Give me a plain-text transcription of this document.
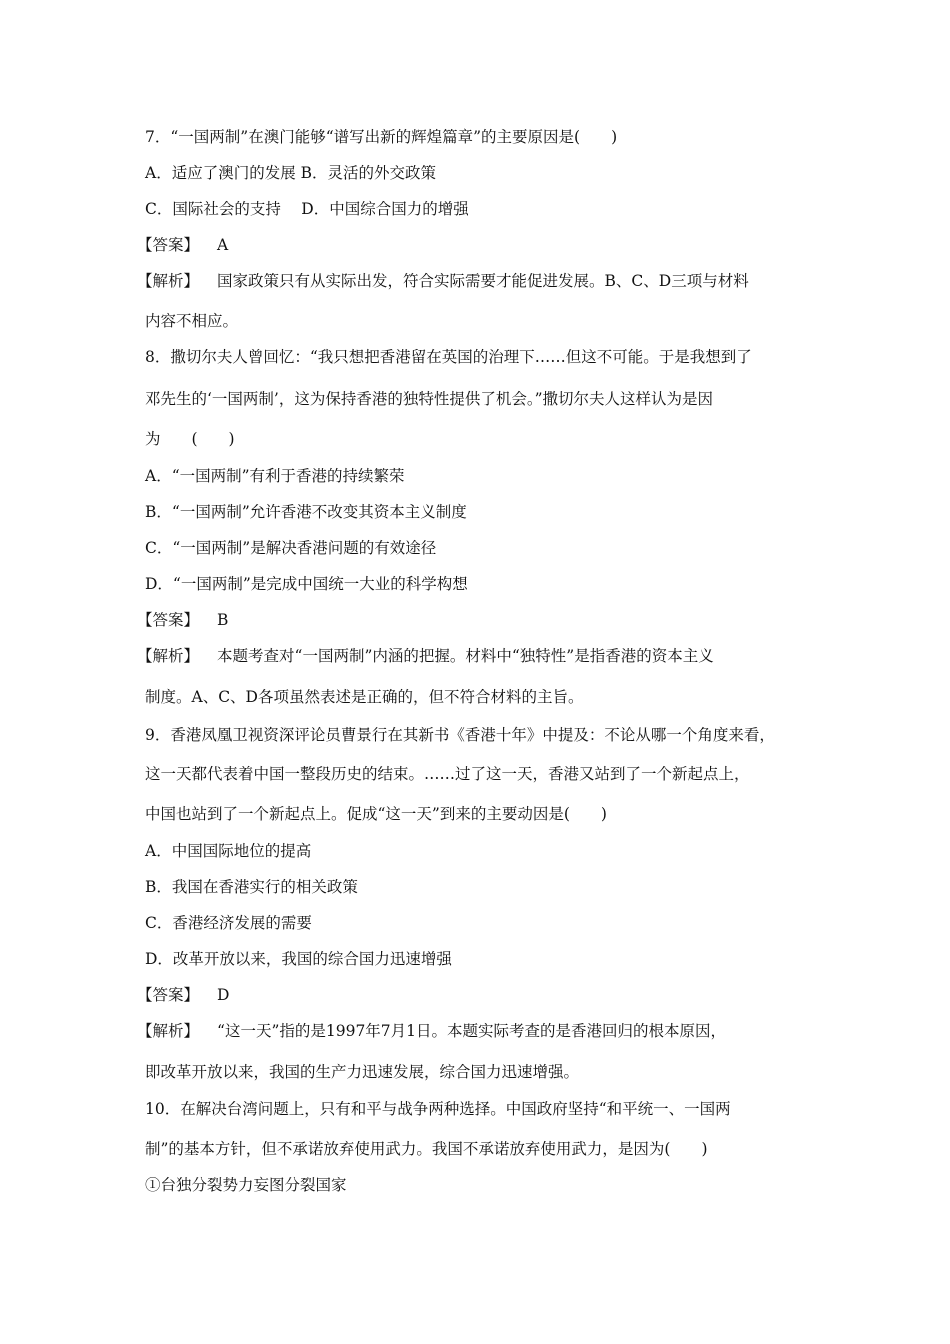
7．“一国两制”在澳门能够“谱写出新的辉煌篇章”的主要原因是(　　)
A．适应了澳门的发展 B．灵活的外交政策
C．国际社会的支持　 D．中国综合国力的增强
【答案】 A
【解析】 国家政策只有从实际出发，符合实际需要才能促进发展。B、C、D三项与材料
内容不相应。
8．撒切尔夫人曾回忆：“我只想把香港留在英国的治理下……但这不可能。于是我想到了
邓先生的‘一国两制’，这为保持香港的独特性提供了机会。”撒切尔夫人这样认为是因
为　　(　　)
A．“一国两制”有利于香港的持续繁荣
B．“一国两制”允许香港不改变其资本主义制度
C．“一国两制”是解决香港问题的有效途径
D．“一国两制”是完成中国统一大业的科学构想
【答案】 B
【解析】 本题考查对“一国两制”内涵的把握。材料中“独特性”是指香港的资本主义
制度。A、C、D各项虽然表述是正确的，但不符合材料的主旨。
9．香港凤凰卫视资深评论员曹景行在其新书《香港十年》中提及：不论从哪一个角度来看，
这一天都代表着中国一整段历史的结束。……过了这一天，香港又站到了一个新起点上，
中国也站到了一个新起点上。促成“这一天”到来的主要动因是(　　)
A．中国国际地位的提高
B．我国在香港实行的相关政策
C．香港经济发展的需要
D．改革开放以来，我国的综合国力迅速增强
【答案】 D
【解析】 “这一天”指的是1997年7月1日。本题实际考查的是香港回归的根本原因，
即改革开放以来，我国的生产力迅速发展，综合国力迅速增强。
10．在解决台湾问题上，只有和平与战争两种选择。中国政府坚持“和平统一、一国两
制”的基本方针，但不承诺放弃使用武力。我国不承诺放弃使用武力，是因为(　　)
①台独分裂势力妄图分裂国家
